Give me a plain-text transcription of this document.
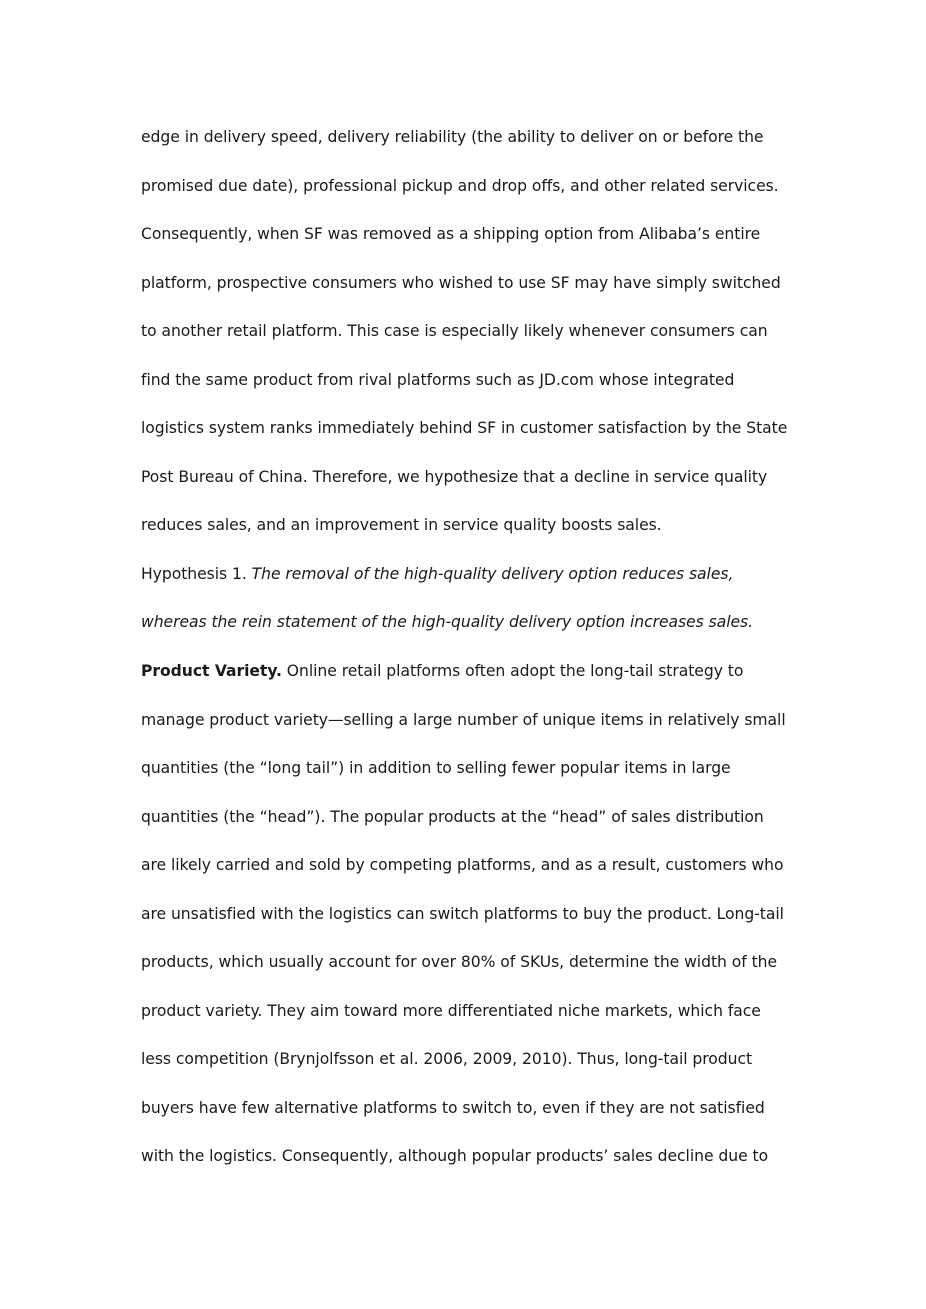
edge in delivery speed, delivery reliability (the ability to deliver on or before the
promised due date), professional pickup and drop offs, and other related services.
Consequently, when SF was removed as a shipping option from Alibaba’s entire
platform, prospective consumers who wished to use SF may have simply switched
to another retail platform. This case is especially likely whenever consumers can
find the same product from rival platforms such as JD.com whose integrated
logistics system ranks immediately behind SF in customer satisfaction by the State
Post Bureau of China. Therefore, we hypothesize that a decline in service quality
reduces sales, and an improvement in service quality boosts sales.
Hypothesis 1. The removal of the high-quality delivery option reduces sales,
whereas the rein statement of the high-quality delivery option increases sales.
Product Variety. Online retail platforms often adopt the long-tail strategy to
manage product variety—selling a large number of unique items in relatively small
quantities (the “long tail”) in addition to selling fewer popular items in large
quantities (the “head”). The popular products at the “head” of sales distribution
are likely carried and sold by competing platforms, and as a result, customers who
are unsatisfied with the logistics can switch platforms to buy the product. Long-tail
products, which usually account for over 80% of SKUs, determine the width of the
product variety. They aim toward more differentiated niche markets, which face
less competition (Brynjolfsson et al. 2006, 2009, 2010). Thus, long-tail product
buyers have few alternative platforms to switch to, even if they are not satisfied
with the logistics. Consequently, although popular products’ sales decline due to
